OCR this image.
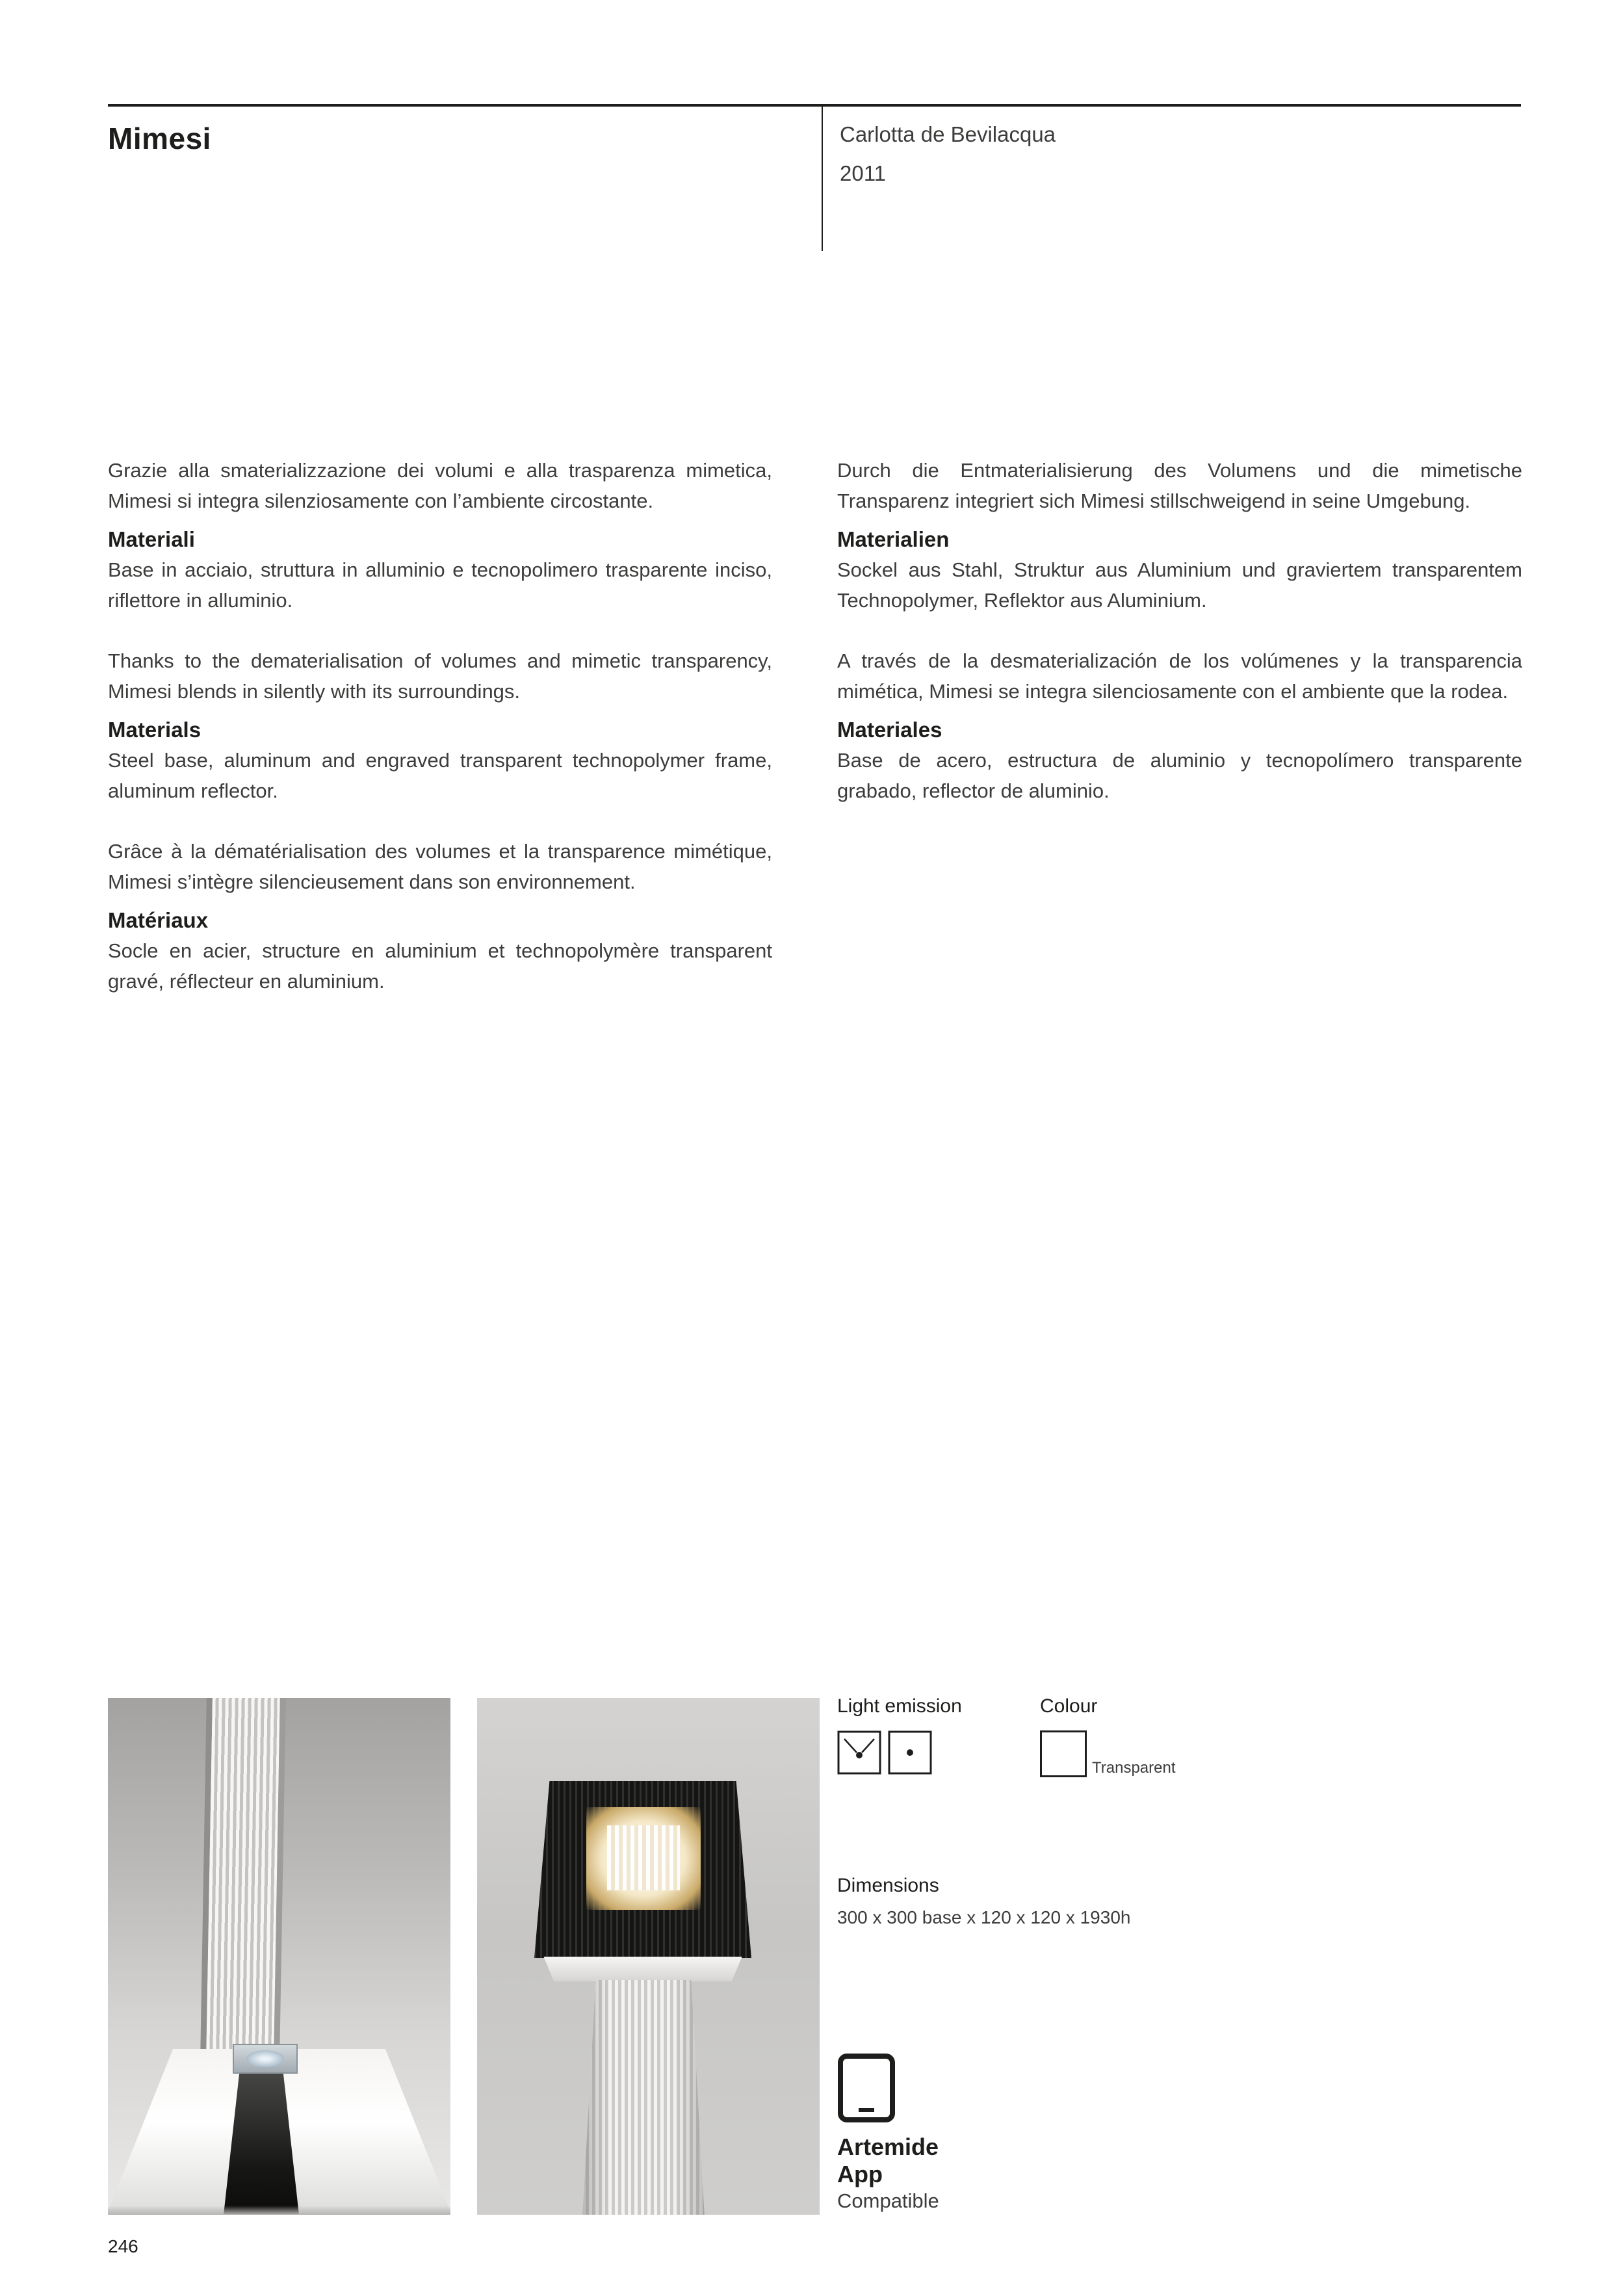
Mimesi	Carlotta de Bevilacqua
2011

Grazie alla smaterializzazione dei volumi e alla trasparenza mimetica, Mimesi si integra silenziosamente con l’ambiente circostante.

Materiali

Base in acciaio, struttura in alluminio e tecnopolimero trasparente inciso, riflettore in alluminio.

Thanks to the dematerialisation of volumes and mimetic transparency, Mimesi blends in silently with its surroundings.

Materials

Steel base, aluminum and engraved transparent technopolymer frame, aluminum reflector.

Grâce à la dématérialisation des volumes et la transparence mimétique, Mimesi s’intègre silencieusement dans son environnement.

Matériaux

Socle en acier, structure en aluminium et technopolymère transparent gravé, réflecteur en aluminium.

Durch die Entmaterialisierung des Volumens und die mimetische Transparenz integriert sich Mimesi stillschweigend in seine Umgebung.

Materialien

Sockel aus Stahl, Struktur aus Aluminium und graviertem transparentem Technopolymer, Reflektor aus Aluminium.

A través de la desmaterialización de los volúmenes y la transparencia mimética, Mimesi se integra silenciosamente con el ambiente que la rodea.

Materiales

Base de acero, estructura de aluminio y tecnopolímero transparente grabado, reflector de aluminio.

Light emission	Colour
Transparent
Dimensions
300 x 300 base x 120 x 120 x 1930h
Artemide
App
Compatible
246
